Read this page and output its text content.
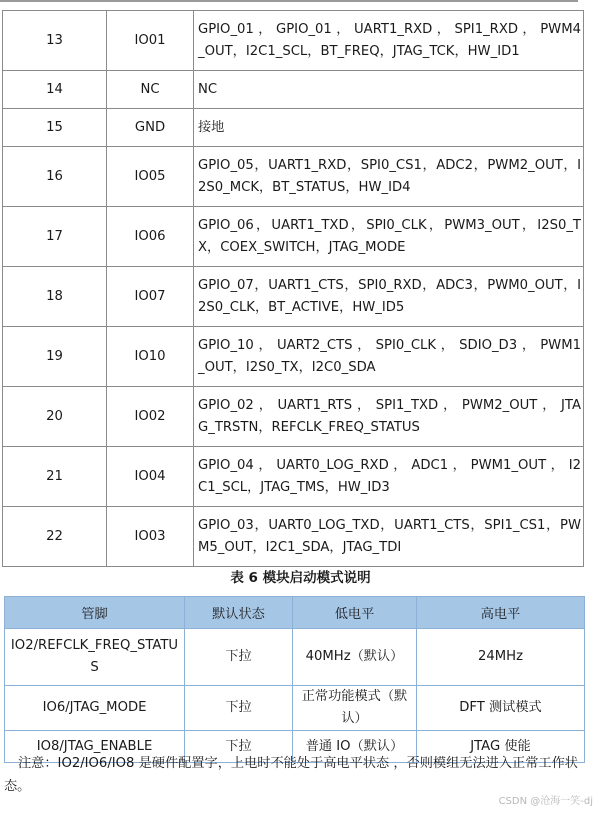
13	IO01	GPIO_01 ， GPIO_01 ， UART1_RXD ， SPI1_RXD ， PWM4_OUT，I2C1_SCL，BT_FREQ，JTAG_TCK，HW_ID1
14	NC	NC
15	GND	接地
16	IO05	GPIO_05，UART1_RXD，SPI0_CS1，ADC2，PWM2_OUT，I2S0_MCK，BT_STATUS，HW_ID4
17	IO06	GPIO_06，UART1_TXD，SPI0_CLK，PWM3_OUT，I2S0_TX，COEX_SWITCH，JTAG_MODE
18	IO07	GPIO_07，UART1_CTS，SPI0_RXD，ADC3，PWM0_OUT，I2S0_CLK，BT_ACTIVE，HW_ID5
19	IO10	GPIO_10 ， UART2_CTS ， SPI0_CLK ， SDIO_D3 ， PWM1_OUT，I2S0_TX，I2C0_SDA
20	IO02	GPIO_02 ， UART1_RTS ， SPI1_TXD ， PWM2_OUT ， JTAG_TRSTN，REFCLK_FREQ_STATUS
21	IO04	GPIO_04 ， UART0_LOG_RXD ， ADC1 ， PWM1_OUT ， I2C1_SCL，JTAG_TMS，HW_ID3
22	IO03	GPIO_03，UART0_LOG_TXD，UART1_CTS，SPI1_CS1，PWM5_OUT，I2C1_SDA，JTAG_TDI
表 6 模块启动模式说明
管脚	默认状态	低电平	高电平
IO2/REFCLK_FREQ_STATUS	下拉	40MHz（默认）	24MHz
IO6/JTAG_MODE	下拉	正常功能模式（默认）	DFT 测试模式
IO8/JTAG_ENABLE	下拉	普通 IO（默认）	JTAG 使能
注意：IO2/IO6/IO8 是硬件配置字，上电时不能处于高电平状态 ，否则模组无法进入正常工作状态。
CSDN @沧海一笑-dj
